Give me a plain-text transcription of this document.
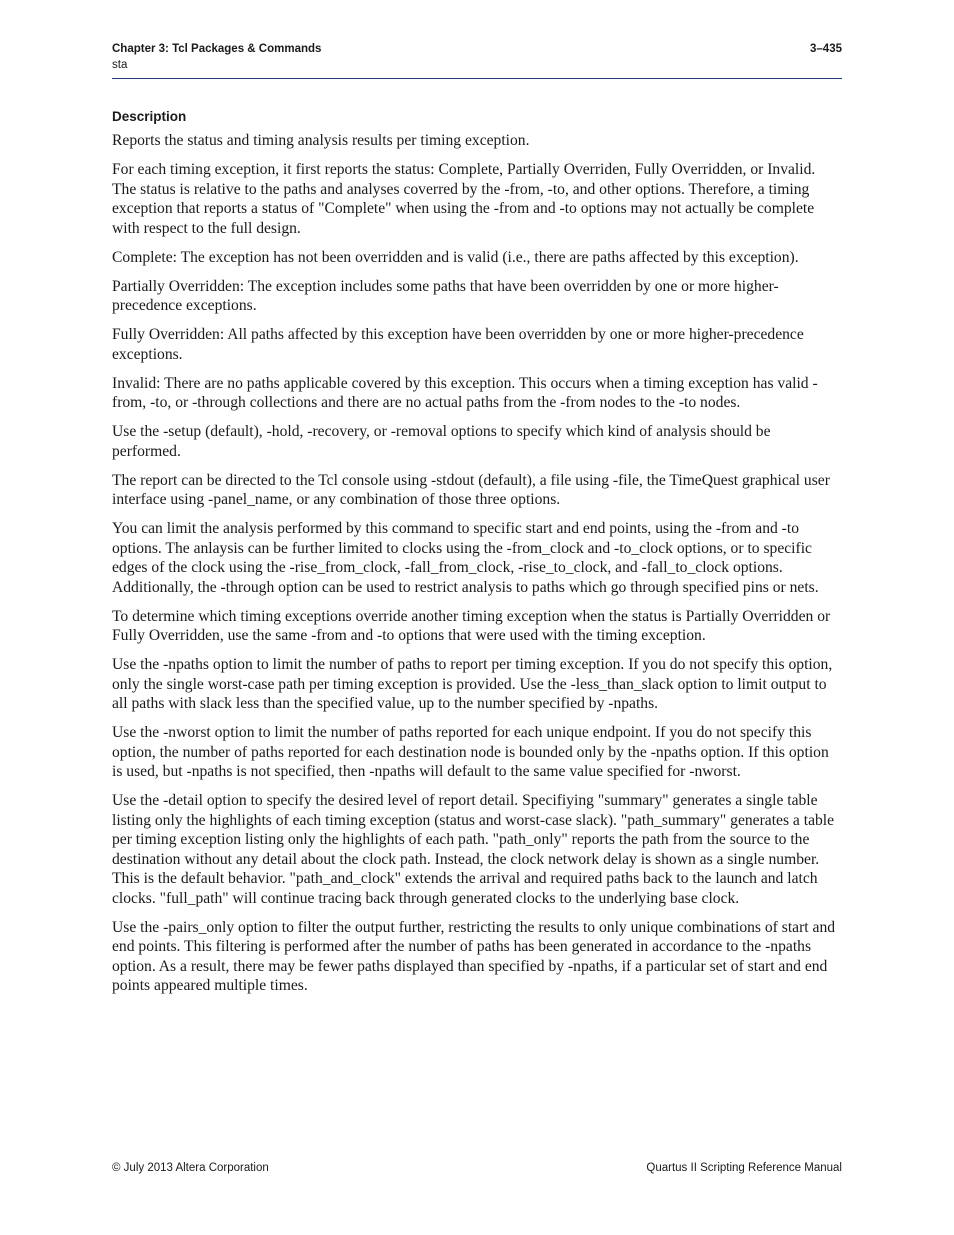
Chapter 3: Tcl Packages & Commands
sta
3–435
Description

Reports the status and timing analysis results per timing exception.

For each timing exception, it first reports the status: Complete, Partially Overriden, Fully Overridden, or Invalid. The status is relative to the paths and analyses coverred by the -from, -to, and other options. Therefore, a timing exception that reports a status of "Complete" when using the -from and -to options may not actually be complete with respect to the full design.

Complete: The exception has not been overridden and is valid (i.e., there are paths affected by this exception).

Partially Overridden: The exception includes some paths that have been overridden by one or more higher-precedence exceptions.

Fully Overridden: All paths affected by this exception have been overridden by one or more higher-precedence exceptions.

Invalid: There are no paths applicable covered by this exception. This occurs when a timing exception has valid -from, -to, or -through collections and there are no actual paths from the -from nodes to the -to nodes.

Use the -setup (default), -hold, -recovery, or -removal options to specify which kind of analysis should be performed.

The report can be directed to the Tcl console using -stdout (default), a file using -file, the TimeQuest graphical user interface using -panel_name, or any combination of those three options.

You can limit the analysis performed by this command to specific start and end points, using the -from and -to options. The anlaysis can be further limited to clocks using the -from_clock and -to_clock options, or to specific edges of the clock using the -rise_from_clock, -fall_from_clock, -rise_to_clock, and -fall_to_clock options. Additionally, the -through option can be used to restrict analysis to paths which go through specified pins or nets.

To determine which timing exceptions override another timing exception when the status is Partially Overridden or Fully Overridden, use the same -from and -to options that were used with the timing exception.

Use the -npaths option to limit the number of paths to report per timing exception. If you do not specify this option, only the single worst-case path per timing exception is provided. Use the -less_than_slack option to limit output to all paths with slack less than the specified value, up to the number specified by -npaths.

Use the -nworst option to limit the number of paths reported for each unique endpoint. If you do not specify this option, the number of paths reported for each destination node is bounded only by the -npaths option. If this option is used, but -npaths is not specified, then -npaths will default to the same value specified for -nworst.

Use the -detail option to specify the desired level of report detail. Specifiying "summary" generates a single table listing only the highlights of each timing exception (status and worst-case slack). "path_summary" generates a table per timing exception listing only the highlights of each path. "path_only" reports the path from the source to the destination without any detail about the clock path. Instead, the clock network delay is shown as a single number. This is the default behavior. "path_and_clock" extends the arrival and required paths back to the launch and latch clocks. "full_path" will continue tracing back through generated clocks to the underlying base clock.

Use the -pairs_only option to filter the output further, restricting the results to only unique combinations of start and end points. This filtering is performed after the number of paths has been generated in accordance to the -npaths option. As a result, there may be fewer paths displayed than specified by -npaths, if a particular set of start and end points appeared multiple times.

© July 2013 Altera Corporation	Quartus II Scripting Reference Manual
